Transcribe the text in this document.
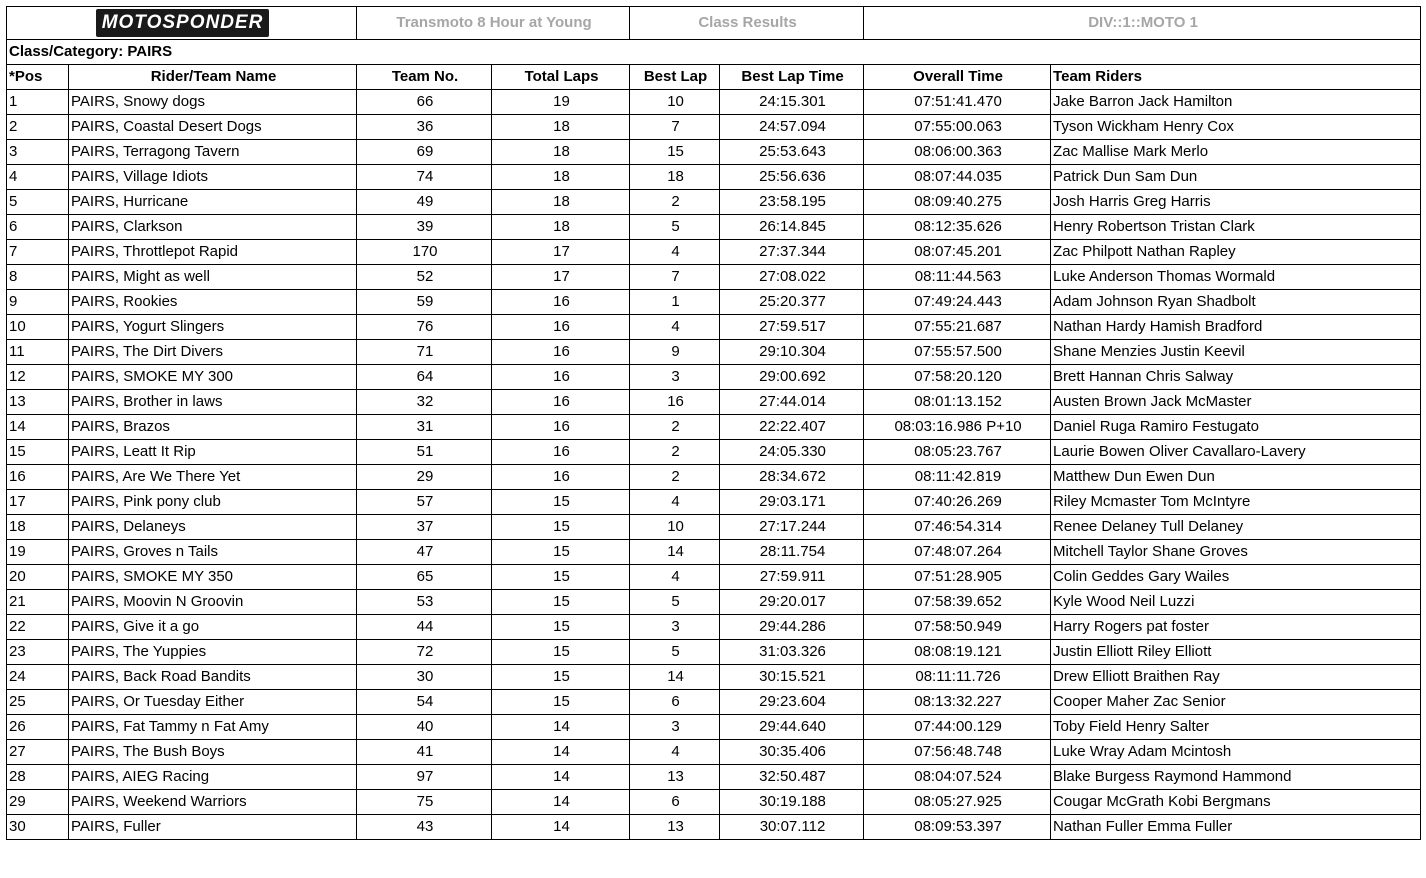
MOTOSPONDER		Transmoto 8 Hour at Young		Class Results		DIV::1::MOTO 1	
Class/Category: PAIRS							
*Pos	Rider/Team Name	Team No.	Total Laps	Best Lap	Best Lap Time	Overall Time	Team Riders
1	PAIRS, Snowy dogs	66	19	10	24:15.301	07:51:41.470	Jake Barron Jack Hamilton
2	PAIRS, Coastal Desert Dogs	36	18	7	24:57.094	07:55:00.063	Tyson Wickham Henry Cox
3	PAIRS, Terragong Tavern	69	18	15	25:53.643	08:06:00.363	Zac Mallise Mark Merlo
4	PAIRS, Village Idiots	74	18	18	25:56.636	08:07:44.035	Patrick Dun Sam Dun
5	PAIRS, Hurricane	49	18	2	23:58.195	08:09:40.275	Josh Harris Greg Harris
6	PAIRS, Clarkson	39	18	5	26:14.845	08:12:35.626	Henry Robertson Tristan Clark
7	PAIRS, Throttlepot Rapid	170	17	4	27:37.344	08:07:45.201	Zac Philpott Nathan Rapley
8	PAIRS, Might as well	52	17	7	27:08.022	08:11:44.563	Luke Anderson Thomas Wormald
9	PAIRS, Rookies	59	16	1	25:20.377	07:49:24.443	Adam Johnson Ryan Shadbolt
10	PAIRS, Yogurt Slingers	76	16	4	27:59.517	07:55:21.687	Nathan Hardy Hamish Bradford
11	PAIRS, The Dirt Divers	71	16	9	29:10.304	07:55:57.500	Shane Menzies Justin Keevil
12	PAIRS, SMOKE MY 300	64	16	3	29:00.692	07:58:20.120	Brett Hannan Chris Salway
13	PAIRS, Brother in laws	32	16	16	27:44.014	08:01:13.152	Austen Brown Jack McMaster
14	PAIRS, Brazos	31	16	2	22:22.407	08:03:16.986 P+10	Daniel Ruga Ramiro Festugato
15	PAIRS, Leatt It Rip	51	16	2	24:05.330	08:05:23.767	Laurie Bowen Oliver Cavallaro-Lavery
16	PAIRS, Are We There Yet	29	16	2	28:34.672	08:11:42.819	Matthew Dun Ewen Dun
17	PAIRS, Pink pony club	57	15	4	29:03.171	07:40:26.269	Riley Mcmaster Tom McIntyre
18	PAIRS, Delaneys	37	15	10	27:17.244	07:46:54.314	Renee Delaney Tull Delaney
19	PAIRS, Groves n Tails	47	15	14	28:11.754	07:48:07.264	Mitchell Taylor Shane Groves
20	PAIRS, SMOKE MY 350	65	15	4	27:59.911	07:51:28.905	Colin Geddes Gary Wailes
21	PAIRS, Moovin N Groovin	53	15	5	29:20.017	07:58:39.652	Kyle Wood Neil Luzzi
22	PAIRS, Give it a go	44	15	3	29:44.286	07:58:50.949	Harry Rogers pat foster
23	PAIRS, The Yuppies	72	15	5	31:03.326	08:08:19.121	Justin Elliott Riley Elliott
24	PAIRS, Back Road Bandits	30	15	14	30:15.521	08:11:11.726	Drew Elliott Braithen Ray
25	PAIRS, Or Tuesday Either	54	15	6	29:23.604	08:13:32.227	Cooper Maher Zac Senior
26	PAIRS, Fat Tammy n Fat Amy	40	14	3	29:44.640	07:44:00.129	Toby Field Henry Salter
27	PAIRS, The Bush Boys	41	14	4	30:35.406	07:56:48.748	Luke Wray Adam Mcintosh
28	PAIRS, AIEG Racing	97	14	13	32:50.487	08:04:07.524	Blake Burgess Raymond Hammond
29	PAIRS, Weekend Warriors	75	14	6	30:19.188	08:05:27.925	Cougar McGrath Kobi Bergmans
30	PAIRS, Fuller	43	14	13	30:07.112	08:09:53.397	Nathan Fuller Emma Fuller
